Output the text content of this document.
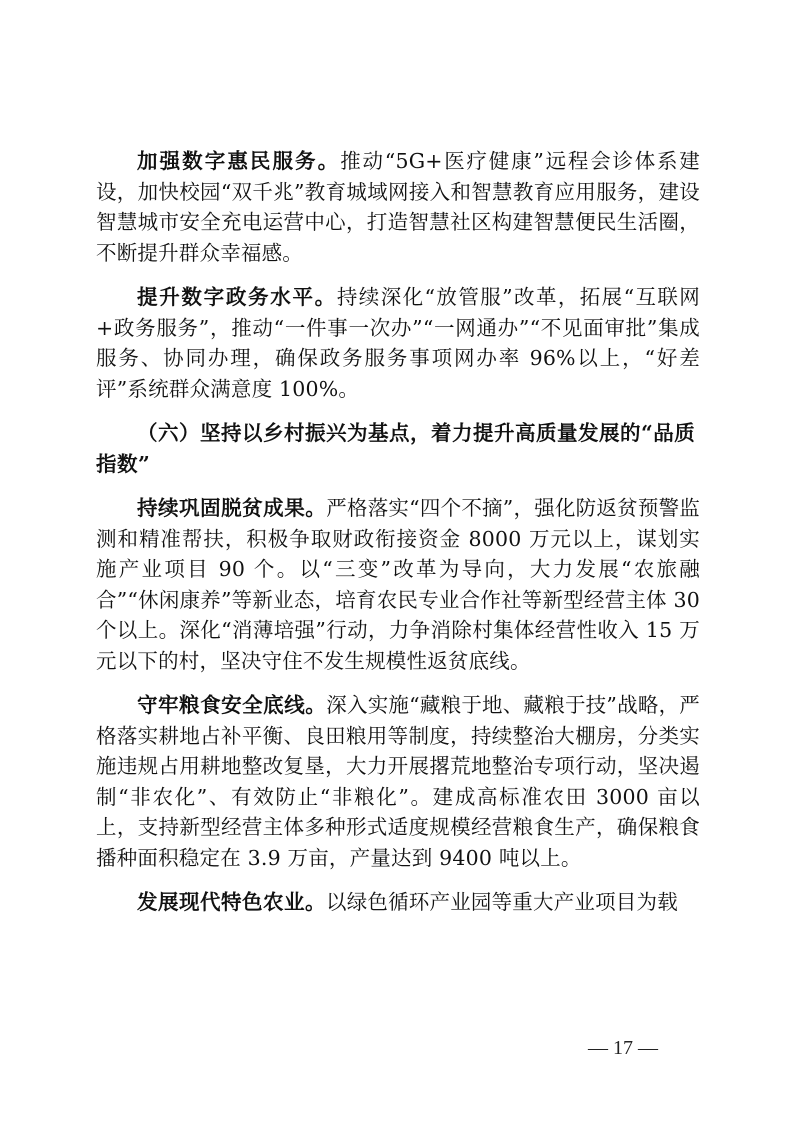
加强数字惠民服务。推动“5G+医疗健康”远程会诊体系建设，加快校园“双千兆”教育城域网接入和智慧教育应用服务，建设智慧城市安全充电运营中心，打造智慧社区构建智慧便民生活圈，不断提升群众幸福感。

提升数字政务水平。持续深化“放管服”改革，拓展“互联网+政务服务”，推动“一件事一次办”“一网通办”“不见面审批”集成服务、协同办理，确保政务服务事项网办率 96%以上，“好差评”系统群众满意度 100%。

（六）坚持以乡村振兴为基点，着力提升高质量发展的“品质指数”

持续巩固脱贫成果。严格落实“四个不摘”，强化防返贫预警监测和精准帮扶，积极争取财政衔接资金 8000 万元以上，谋划实施产业项目 90 个。以“三变”改革为导向，大力发展“农旅融合”“休闲康养”等新业态，培育农民专业合作社等新型经营主体 30 个以上。深化“消薄培强”行动，力争消除村集体经营性收入 15 万元以下的村，坚决守住不发生规模性返贫底线。

守牢粮食安全底线。深入实施“藏粮于地、藏粮于技”战略，严格落实耕地占补平衡、良田粮用等制度，持续整治大棚房，分类实施违规占用耕地整改复垦，大力开展撂荒地整治专项行动，坚决遏制“非农化”、有效防止“非粮化”。建成高标准农田 3000 亩以上，支持新型经营主体多种形式适度规模经营粮食生产，确保粮食播种面积稳定在 3.9 万亩，产量达到 9400 吨以上。

发展现代特色农业。以绿色循环产业园等重大产业项目为载

— 17 —
